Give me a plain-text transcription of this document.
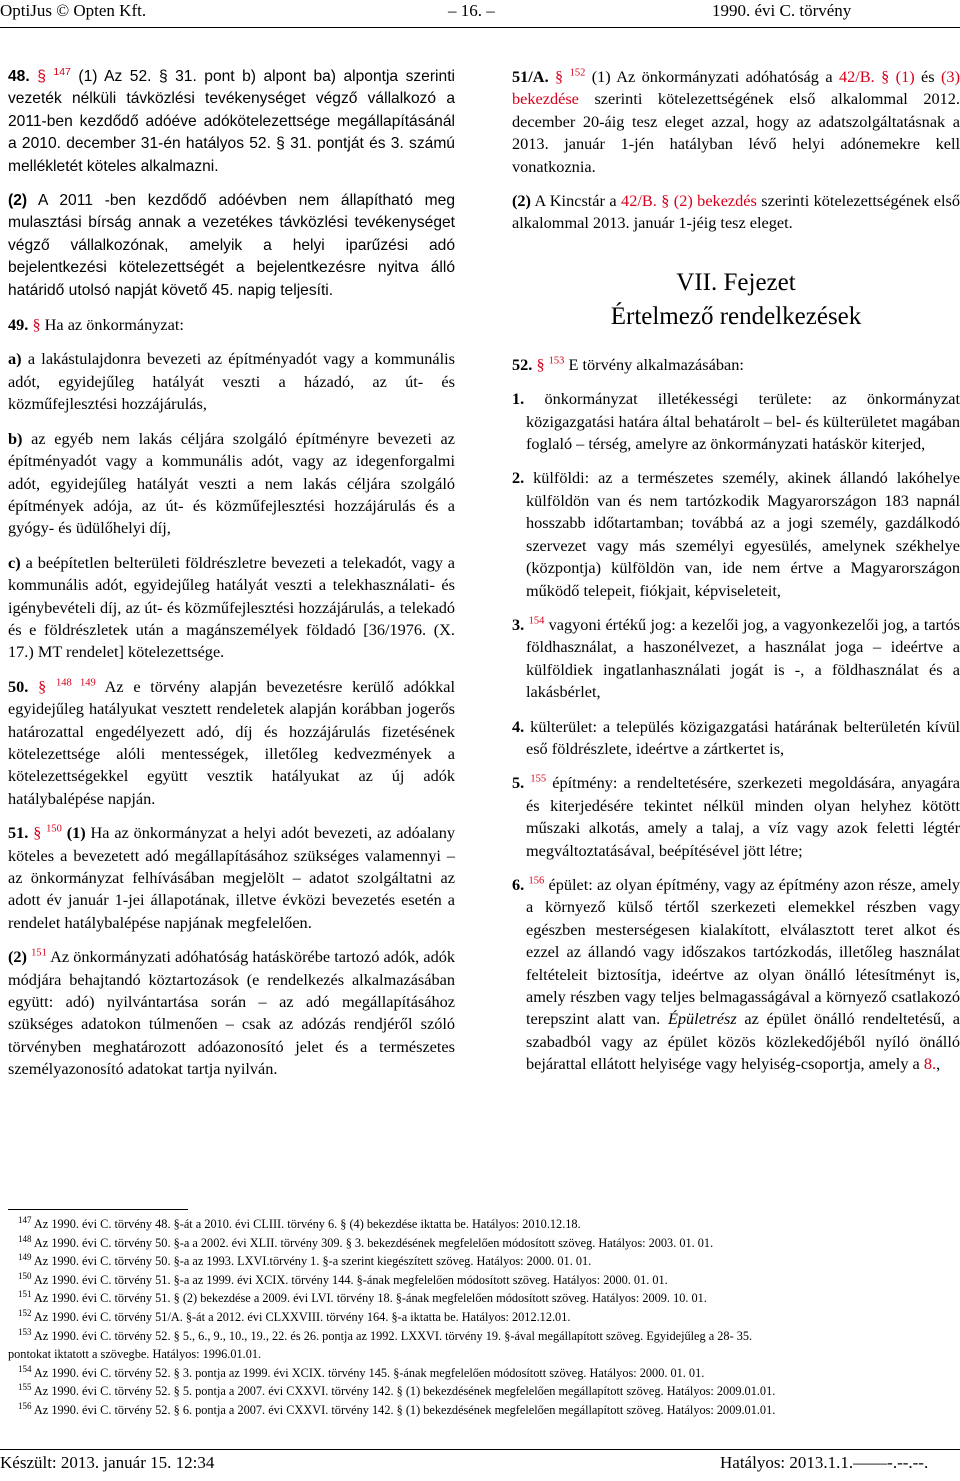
OptiJus © Opten Kft.	– 16. –	1990. évi C. törvény

48. § $^{147}$ (1) Az 52. § 31. pont b) alpont ba) alpontja szerinti vezeték nélküli távközlési tevékenységet végző vállalkozó a 2011-ben kezdődő adóéve adókötelezettsége megállapításánál a 2010. december 31-én hatályos 52. § 31. pontját és 3. számú mellékletét köteles alkalmazni.

(2) A 2011 -ben kezdődő adóévben nem állapítható meg mulasztási bírság annak a vezetékes távközlési tevékenységet végző vállalkozónak, amelyik a helyi iparűzési adó bejelentkezési kötelezettségét a bejelentkezésre nyitva álló határidő utolsó napját követő 45. napig teljesíti.

49. § Ha az önkormányzat:

a) a lakástulajdonra bevezeti az építményadót vagy a kommunális adót, egyidejűleg hatályát veszti a házadó, az út- és közműfejlesztési hozzájárulás,

b) az egyéb nem lakás céljára szolgáló építményre bevezeti az építményadót vagy a kommunális adót, vagy az idegenforgalmi adót, egyidejűleg hatályát veszti a nem lakás céljára szolgáló építmények adója, az út- és közműfejlesztési hozzájárulás és a gyógy- és üdülőhelyi díj,

c) a beépítetlen belterületi földrészletre bevezeti a telekadót, vagy a kommunális adót, egyidejűleg hatályát veszti a telekhasználati- és igénybevételi díj, az út- és közműfejlesztési hozzájárulás, a telekadó és e földrészletek után a magánszemélyek földadó [36/1976. (X. 17.) MT rendelet] kötelezettsége.

50. § $^{148 149}$ Az e törvény alapján bevezetésre kerülő adókkal egyidejűleg hatályukat vesztett rendeletek alapján korábban jogerős határozattal engedélyezett adó, díj és hozzájárulás fizetésének kötelezettsége alóli mentességek, illetőleg kedvezmények a kötelezettségekkel együtt vesztik hatályukat az új adók hatálybalépése napján.

51. § $^{150}$ (1) Ha az önkormányzat a helyi adót bevezeti, az adóalany köteles a bevezetett adó megállapításához szükséges valamennyi – az önkormányzat felhívásában megjelölt – adatot szolgáltatni az adott év január 1-jei állapotának, illetve évközi bevezetés esetén a rendelet hatálybalépése napjának megfelelően.

(2) $^{151}$ Az önkormányzati adóhatóság hatáskörébe tartozó adók, adók módjára behajtandó köztartozások (e rendelkezés alkalmazásában együtt: adó) nyilvántartása során – az adó megállapításához szükséges adatokon túlmenően – csak az adózás rendjéről szóló törvényben meghatározott adóazonosító jelet és a természetes személyazonosító adatokat tartja nyilván.

51/A. § $^{152}$ (1) Az önkormányzati adóhatóság a 42/B. § (1) és (3) bekezdése szerinti kötelezettségének első alkalommal 2012. december 20-áig tesz eleget azzal, hogy az adatszolgáltatásnak a 2013. január 1-jén hatályban lévő helyi adónemekre kell vonatkoznia.

(2) A Kincstár a 42/B. § (2) bekezdés szerinti kötelezettségének első alkalommal 2013. január 1-jéig tesz eleget.

VII. Fejezet
Értelmező rendelkezések

52. § $^{153}$ E törvény alkalmazásában:

1. önkormányzat illetékességi területe: az önkormányzat közigazgatási határa által behatárolt – bel- és külterületet magában foglaló – térség, amelyre az önkormányzati hatáskör kiterjed,

2. külföldi: az a természetes személy, akinek állandó lakóhelye külföldön van és nem tartózkodik Magyarországon 183 napnál hosszabb időtartamban; továbbá az a jogi személy, gazdálkodó szervezet vagy más személyi egyesülés, amelynek székhelye (központja) külföldön van, ide nem értve a Magyarországon működő telepeit, fiókjait, képviseleteit,

3. $^{154}$ vagyoni értékű jog: a kezelői jog, a vagyonkezelői jog, a tartós földhasználat, a haszonélvezet, a használat joga – ideértve a külföldiek ingatlanhasználati jogát is -, a földhasználat és a lakásbérlet,

4. külterület: a település közigazgatási határának belterületén kívül eső földrészlete, ideértve a zártkertet is,

5. $^{155}$ építmény: a rendeltetésére, szerkezeti megoldására, anyagára és kiterjedésére tekintet nélkül minden olyan helyhez kötött műszaki alkotás, amely a talaj, a víz vagy azok feletti légtér megváltoztatásával, beépítésével jött létre;

6. $^{156}$ épület: az olyan építmény, vagy az építmény azon része, amely a környező külső tértől szerkezeti elemekkel részben vagy egészben mesterségesen kialakított, elválasztott teret alkot és ezzel az állandó vagy időszakos tartózkodás, illetőleg használat feltételeit biztosítja, ideértve az olyan önálló létesítményt is, amely részben vagy teljes belmagasságával a környező csatlakozó terepszint alatt van. Épületrész az épület önálló rendeltetésű, a szabadból vagy az épület közös közlekedőjéből nyíló önálló bejárattal ellátott helyisége vagy helyiség-csoportja, amely a 8.,

$^{147}$ Az 1990. évi C. törvény 48. §-át a 2010. évi CLIII. törvény 6. § (4) bekezdése iktatta be. Hatályos: 2010.12.18.
$^{148}$ Az 1990. évi C. törvény 50. §-a a 2002. évi XLII. törvény 309. § 3. bekezdésének megfelelően módosított szöveg. Hatályos: 2003. 01. 01.
$^{149}$ Az 1990. évi C. törvény 50. §-a az 1993. LXVI.törvény 1. §-a szerint kiegészített szöveg. Hatályos: 2000. 01. 01.
$^{150}$ Az 1990. évi C. törvény 51. §-a az 1999. évi XCIX. törvény 144. §-ának megfelelően módosított szöveg. Hatályos: 2000. 01. 01.
$^{151}$ Az 1990. évi C. törvény 51. § (2) bekezdése a 2009. évi LVI. törvény 18. §-ának megfelelően módosított szöveg. Hatályos: 2009. 10. 01.
$^{152}$ Az 1990. évi C. törvény 51/A. §-át a 2012. évi CLXXVIII. törvény 164. §-a iktatta be. Hatályos: 2012.12.01.
$^{153}$ Az 1990. évi C. törvény 52. § 5., 6., 9., 10., 19., 22. és 26. pontja az 1992. LXXVI. törvény 19. §-ával megállapított szöveg. Egyidejűleg a 28- 35.
pontokat iktatott a szövegbe. Hatályos: 1996.01.01.
$^{154}$ Az 1990. évi C. törvény 52. § 3. pontja az 1999. évi XCIX. törvény 145. §-ának megfelelően módosított szöveg. Hatályos: 2000. 01. 01.
$^{155}$ Az 1990. évi C. törvény 52. § 5. pontja a 2007. évi CXXVI. törvény 142. § (1) bekezdésének megfelelően megállapított szöveg. Hatályos: 2009.01.01.
$^{156}$ Az 1990. évi C. törvény 52. § 6. pontja a 2007. évi CXXVI. törvény 142. § (1) bekezdésének megfelelően megállapított szöveg. Hatályos: 2009.01.01.
Készült: 2013. január 15. 12:34	Hatályos: 2013.1.1.––––-.--.--.
